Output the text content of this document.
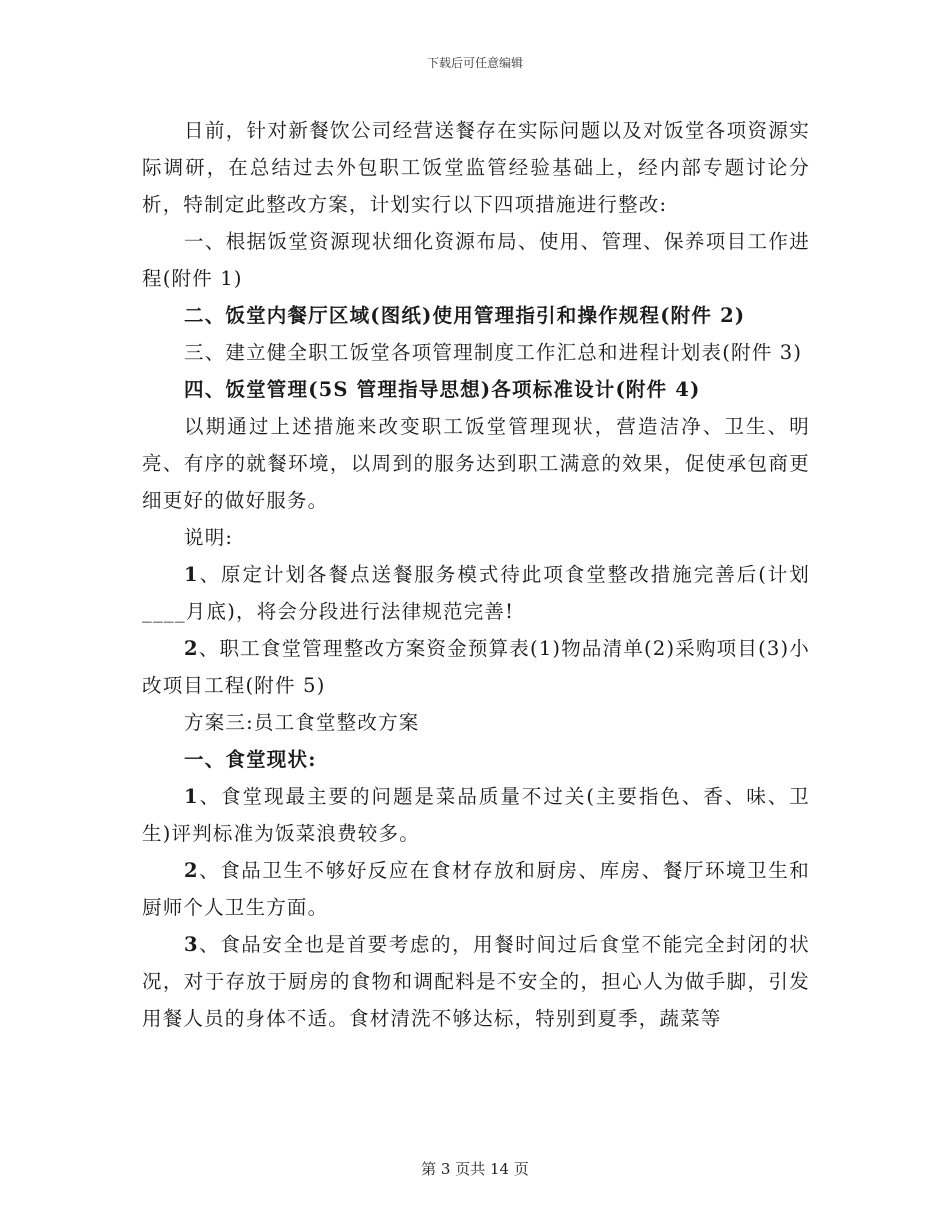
下载后可任意编辑

日前，针对新餐饮公司经营送餐存在实际问题以及对饭堂各项资源实际调研，在总结过去外包职工饭堂监管经验基础上，经内部专题讨论分析，特制定此整改方案，计划实行以下四项措施进行整改:

一、根据饭堂资源现状细化资源布局、使用、管理、保养项目工作进程(附件 1)

二、饭堂内餐厅区域(图纸)使用管理指引和操作规程(附件 2)

三、建立健全职工饭堂各项管理制度工作汇总和进程计划表(附件 3)

四、饭堂管理(5S 管理指导思想)各项标准设计(附件 4)

以期通过上述措施来改变职工饭堂管理现状，营造洁净、卫生、明亮、有序的就餐环境，以周到的服务达到职工满意的效果，促使承包商更细更好的做好服务。

说明:

1、原定计划各餐点送餐服务模式待此项食堂整改措施完善后(计划____月底)，将会分段进行法律规范完善!

2、职工食堂管理整改方案资金预算表(1)物品清单(2)采购项目(3)小改项目工程(附件 5)

方案三:员工食堂整改方案

一、食堂现状:

1、食堂现最主要的问题是菜品质量不过关(主要指色、香、味、卫生)评判标准为饭菜浪费较多。

2、食品卫生不够好反应在食材存放和厨房、库房、餐厅环境卫生和厨师个人卫生方面。

3、食品安全也是首要考虑的，用餐时间过后食堂不能完全封闭的状况，对于存放于厨房的食物和调配料是不安全的，担心人为做手脚，引发用餐人员的身体不适。食材清洗不够达标，特别到夏季，蔬菜等

第 3 页共 14 页
